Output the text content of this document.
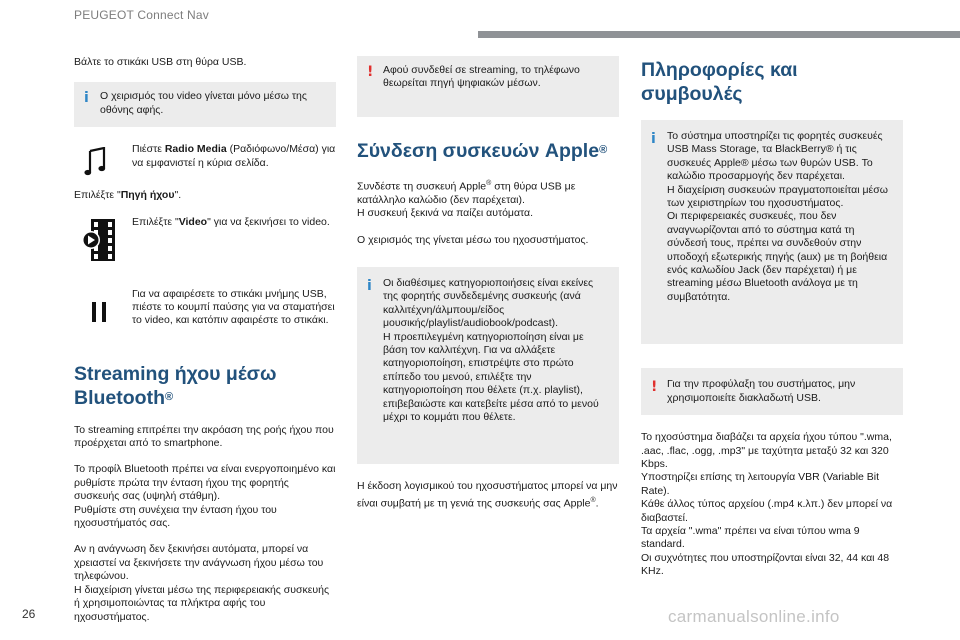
PEUGEOT Connect Nav

Βάλτε το στικάκι USB στη θύρα USB.

i Ο χειρισμός του video γίνεται μόνο μέσω της οθόνης αφής.

Πιέστε Radio Media (Ραδιόφωνο/Μέσα) για να εμφανιστεί η κύρια σελίδα.

Επιλέξτε "Πηγή ήχου".

Επιλέξτε "Video" για να ξεκινήσει το video.

Για να αφαιρέσετε το στικάκι μνήμης USB, πιέστε το κουμπί παύσης για να σταματήσει το video, και κατόπιν αφαιρέστε το στικάκι.

Streaming ήχου μέσω Bluetooth®

Το streaming επιτρέπει την ακρόαση της ροής ήχου που προέρχεται από το smartphone.

Το προφίλ Bluetooth πρέπει να είναι ενεργοποιημένο και ρυθμίστε πρώτα την ένταση ήχου της φορητής συσκευής σας (υψηλή στάθμη).
Ρυθμίστε στη συνέχεια την ένταση ήχου του ηχοσυστήματός σας.

Αν η ανάγνωση δεν ξεκινήσει αυτόματα, μπορεί να χρειαστεί να ξεκινήσετε την ανάγνωση ήχου μέσω του τηλεφώνου.
Η διαχείριση γίνεται μέσω της περιφερειακής συσκευής ή χρησιμοποιώντας τα πλήκτρα αφής του ηχοσυστήματος.

! Αφού συνδεθεί σε streaming, το τηλέφωνο θεωρείται πηγή ψηφιακών μέσων.

Σύνδεση συσκευών Apple®

Συνδέστε τη συσκευή Apple® στη θύρα USB με κατάλληλο καλώδιο (δεν παρέχεται).
Η συσκευή ξεκινά να παίζει αυτόματα.

Ο χειρισμός της γίνεται μέσω του ηχοσυστήματος.

i Οι διαθέσιμες κατηγοριοποιήσεις είναι εκείνες της φορητής συνδεδεμένης συσκευής (ανά καλλιτέχνη/άλμπουμ/είδος μουσικής/playlist/audiobook/podcast).
Η προεπιλεγμένη κατηγοριοποίηση είναι με βάση τον καλλιτέχνη. Για να αλλάξετε κατηγοριοποίηση, επιστρέψτε στο πρώτο επίπεδο του μενού, επιλέξτε την κατηγοριοποίηση που θέλετε (π.χ. playlist), επιβεβαιώστε και κατεβείτε μέσα από το μενού μέχρι το κομμάτι που θέλετε.

Η έκδοση λογισμικού του ηχοσυστήματος μπορεί να μην είναι συμβατή με τη γενιά της συσκευής σας Apple®.

Πληροφορίες και συμβουλές
i Το σύστημα υποστηρίζει τις φορητές συσκευές USB Mass Storage, τα BlackBerry® ή τις συσκευές Apple® μέσω των θυρών USB. Το καλώδιο προσαρμογής δεν παρέχεται.
Η διαχείριση συσκευών πραγματοποιείται μέσω των χειριστηρίων του ηχοσυστήματος.
Οι περιφερειακές συσκευές, που δεν αναγνωρίζονται από το σύστημα κατά τη σύνδεσή τους, πρέπει να συνδεθούν στην υποδοχή εξωτερικής πηγής (aux) με τη βοήθεια ενός καλωδίου Jack (δεν παρέχεται) ή με streaming μέσω Bluetooth ανάλογα με τη συμβατότητα.

! Για την προφύλαξη του συστήματος, μην χρησιμοποιείτε διακλαδωτή USB.

Το ηχοσύστημα διαβάζει τα αρχεία ήχου τύπου ".wma, .aac, .flac, .ogg, .mp3" με ταχύτητα μεταξύ 32 και 320 Kbps.
Υποστηρίζει επίσης τη λειτουργία VBR (Variable Bit Rate).
Κάθε άλλος τύπος αρχείου (.mp4 κ.λπ.) δεν μπορεί να διαβαστεί.
Τα αρχεία ".wma" πρέπει να είναι τύπου wma 9 standard.
Οι συχνότητες που υποστηρίζονται είναι 32, 44 και 48 KHz.

26	carmanualsonline.info
